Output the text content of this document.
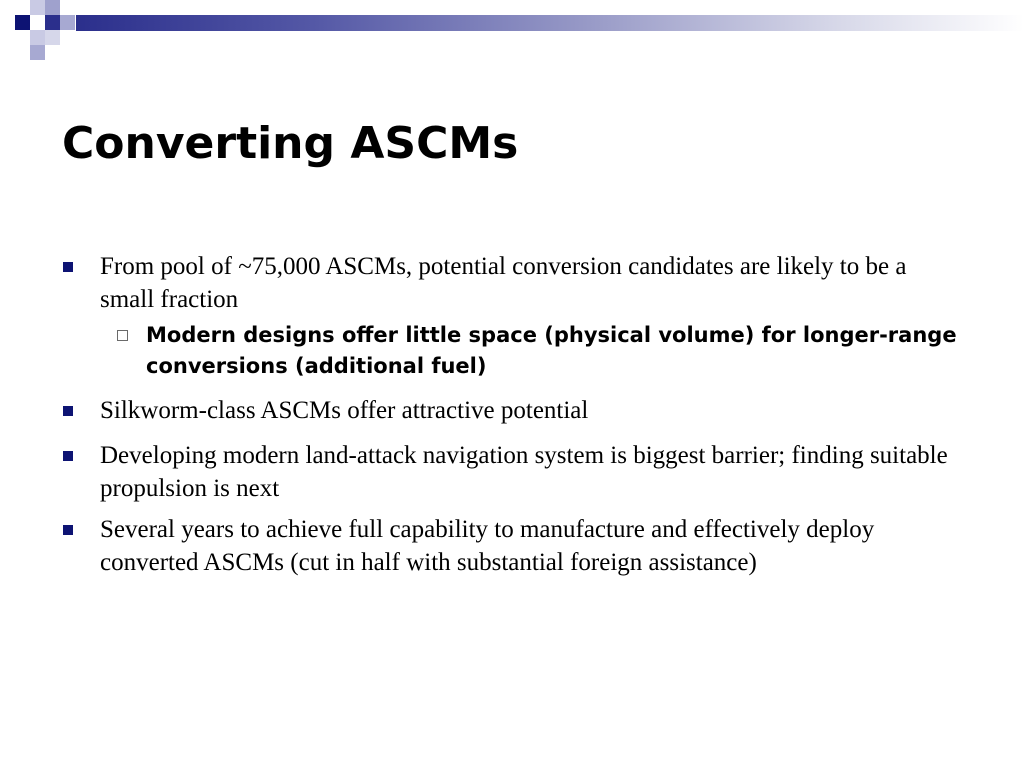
Converting ASCMs
From pool of ~75,000 ASCMs, potential conversion candidates are likely to be a small fraction
Modern designs offer little space (physical volume) for longer-range conversions (additional fuel)
Silkworm-class ASCMs offer attractive potential
Developing modern land-attack navigation system is biggest barrier; finding suitable propulsion is next
Several years to achieve full capability to manufacture and effectively deploy converted ASCMs (cut in half with substantial foreign assistance)
